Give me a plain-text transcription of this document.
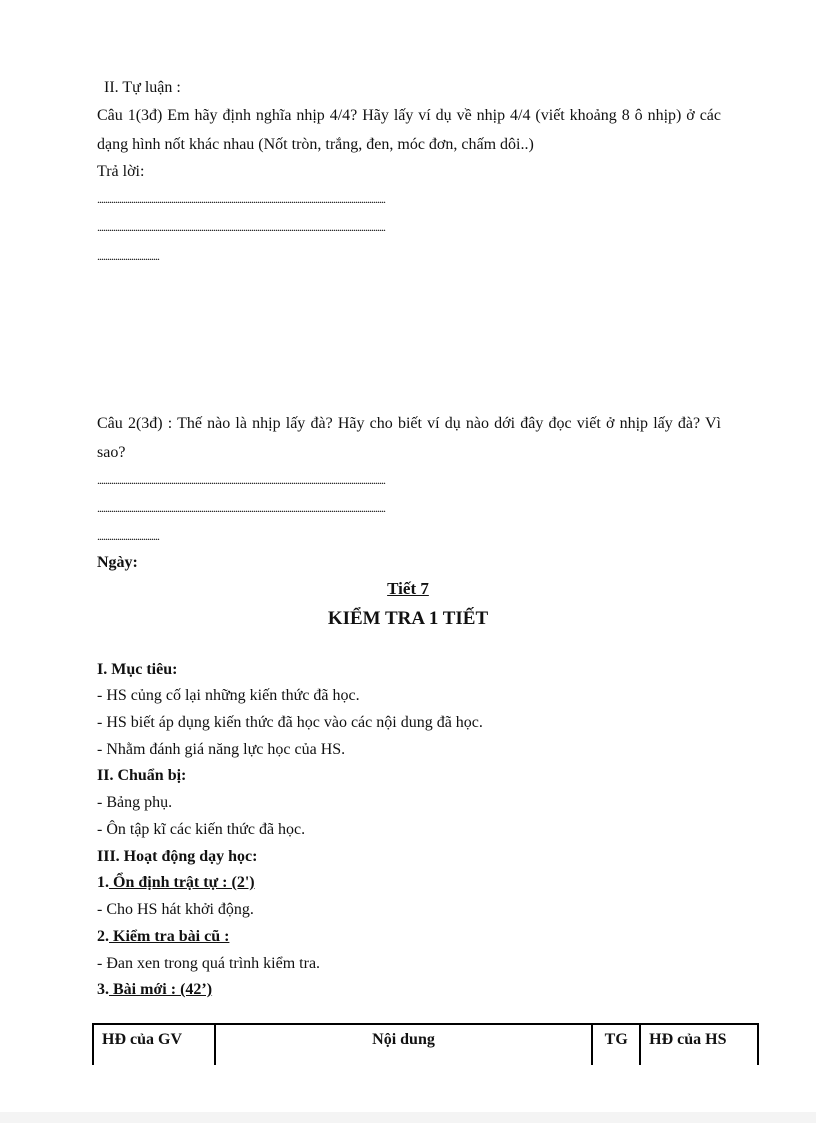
II. Tự luận :
Câu 1(3đ) Em hãy định nghĩa nhịp 4/4? Hãy lấy ví dụ về nhịp 4/4 (viết khoảng 8 ô nhịp) ở các dạng hình nốt khác nhau (Nốt tròn, trắng, đen, móc đơn, chấm dôi..)
Trả lời:
................................................................................................................................................
................................................................................................................................................
...............................
Câu 2(3đ) : Thế nào là nhịp lấy đà? Hãy cho biết ví dụ nào dới đây đọc viết ở nhịp lấy đà? Vì sao?
................................................................................................................................................
................................................................................................................................................
...............................
Ngày:
Tiết 7
KIỂM TRA 1 TIẾT
I. Mục tiêu:
- HS củng cố lại những kiến thức đã học.
- HS biết áp dụng kiến thức đã học vào các nội dung đã học.
- Nhằm đánh giá năng lực học của HS.
II. Chuẩn bị:
- Bảng phụ.
- Ôn tập kĩ các kiến thức đã học.
III. Hoạt động dạy học:
1. Ổn định trật tự : (2')
- Cho HS hát khởi động.
2. Kiểm tra bài cũ :
- Đan xen trong quá trình kiểm tra.
3. Bài mới : (42’)
HĐ của GV	Nội dung	TG	HĐ của HS
